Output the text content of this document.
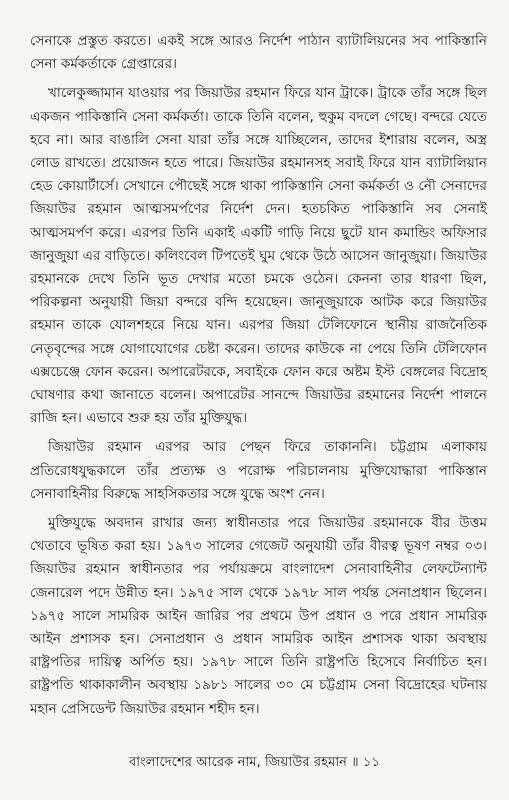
সেনাকে প্রস্তুত করতে। একই সঙ্গে আরও নির্দেশ পাঠান ব্যাটালিয়নের সব পাকিস্তানি সেনা কর্মকর্তাকে গ্রেপ্তারের।

খালেকুজ্জামান যাওয়ার পর জিয়াউর রহমান ফিরে যান ট্রাকে। ট্রাকে তাঁর সঙ্গে ছিল একজন পাকিস্তানি সেনা কর্মকর্তা। তাকে তিনি বলেন, হুকুম বদলে গেছে। বন্দরে যেতে হবে না। আর বাঙালি সেনা যারা তাঁর সঙ্গে যাচ্ছিলেন, তাদের ইশারায় বলেন, অস্ত্র লোড রাখতে। প্রয়োজন হতে পারে। জিয়াউর রহমানসহ সবাই ফিরে যান ব্যাটালিয়ান হেড কোয়ার্টার্সে। সেখানে পৌছেই সঙ্গে থাকা পাকিস্তানি সেনা কর্মকর্তা ও নৌ সেনাদের জিয়াউর রহমান আত্মসমর্পণের নির্দেশ দেন। হতচকিত পাকিস্তানি সব সেনাই আত্মসমর্পণ করে। এরপর তিনি একাই একটি গাড়ি নিয়ে ছুটে যান কমান্ডিং অফিসার জানুজুয়া এর বাড়িতে। কলিংবেল টিপতেই ঘুম থেকে উঠে আসেন জানুজুয়া। জিয়াউর রহমানকে দেখে তিনি ভূত দেখার মতো চমকে ওঠেন। কেননা তার ধারণা ছিল, পরিকল্পনা অনুযায়ী জিয়া বন্দরে বন্দি হয়েছেন। জানুজুয়াকে আটক করে জিয়াউর রহমান তাকে যোলশহরে নিয়ে যান। এরপর জিয়া টেলিফোনে স্থানীয় রাজনৈতিক নেতৃবৃন্দের সঙ্গে যোগাযোগের চেষ্টা করেন। তাদের কাউকে না পেয়ে তিনি টেলিফোন এক্সচেঞ্জে ফোন করেন। অপারেটরকে, সবাইকে ফোন করে অষ্টম ইস্ট বেঙ্গলের বিদ্রোহ ঘোষণার কথা জানাতে বলেন। অপারেটর সানন্দে জিয়াউর রহমানের নির্দেশ পালনে রাজি হন। এভাবে শুরু হয় তাঁর মুক্তিযুদ্ধ।

জিয়াউর রহমান এরপর আর পেছন ফিরে তাকাননি। চট্টগ্রাম এলাকায় প্রতিরোধযুদ্ধকালে তাঁর প্রত্যক্ষ ও পরোক্ষ পরিচালনায় মুক্তিযোদ্ধারা পাকিস্তান সেনাবাহিনীর বিরুদ্ধে সাহসিকতার সঙ্গে যুদ্ধে অংশ নেন।

মুক্তিযুদ্ধে অবদান রাখার জন্য স্বাধীনতার পরে জিয়াউর রহমানকে বীর উত্তম খেতাবে ভূষিত করা হয়। ১৯৭৩ সালের গেজেট অনুযায়ী তাঁর বীরত্ব ভূষণ নম্বর ০৩। জিয়াউর রহমান স্বাধীনতার পর পর্যায়ক্রমে বাংলাদেশ সেনাবাহিনীর লেফটেন্যান্ট জেনারেল পদে উন্নীত হন। ১৯৭৫ সাল থেকে ১৯৭৮ সাল পর্যন্ত সেনাপ্রধান ছিলেন। ১৯৭৫ সালে সামরিক আইন জারির পর প্রথমে উপ প্রধান ও পরে প্রধান সামরিক আইন প্রশাসক হন। সেনাপ্রধান ও প্রধান সামরিক আইন প্রশাসক থাকা অবস্থায় রাষ্ট্রপতির দায়িত্ব অর্পিত হয়। ১৯৭৮ সালে তিনি রাষ্ট্রপতি হিসেবে নির্বাচিত হন। রাষ্ট্রপতি থাকাকালীন অবস্থায় ১৯৮১ সালের ৩০ মে চট্টগ্রাম সেনা বিদ্রোহের ঘটনায় মহান প্রেসিডেন্ট জিয়াউর রহমান শহীদ হন।

বাংলাদেশের আরেক নাম, জিয়াউর রহমান ॥ ১১
